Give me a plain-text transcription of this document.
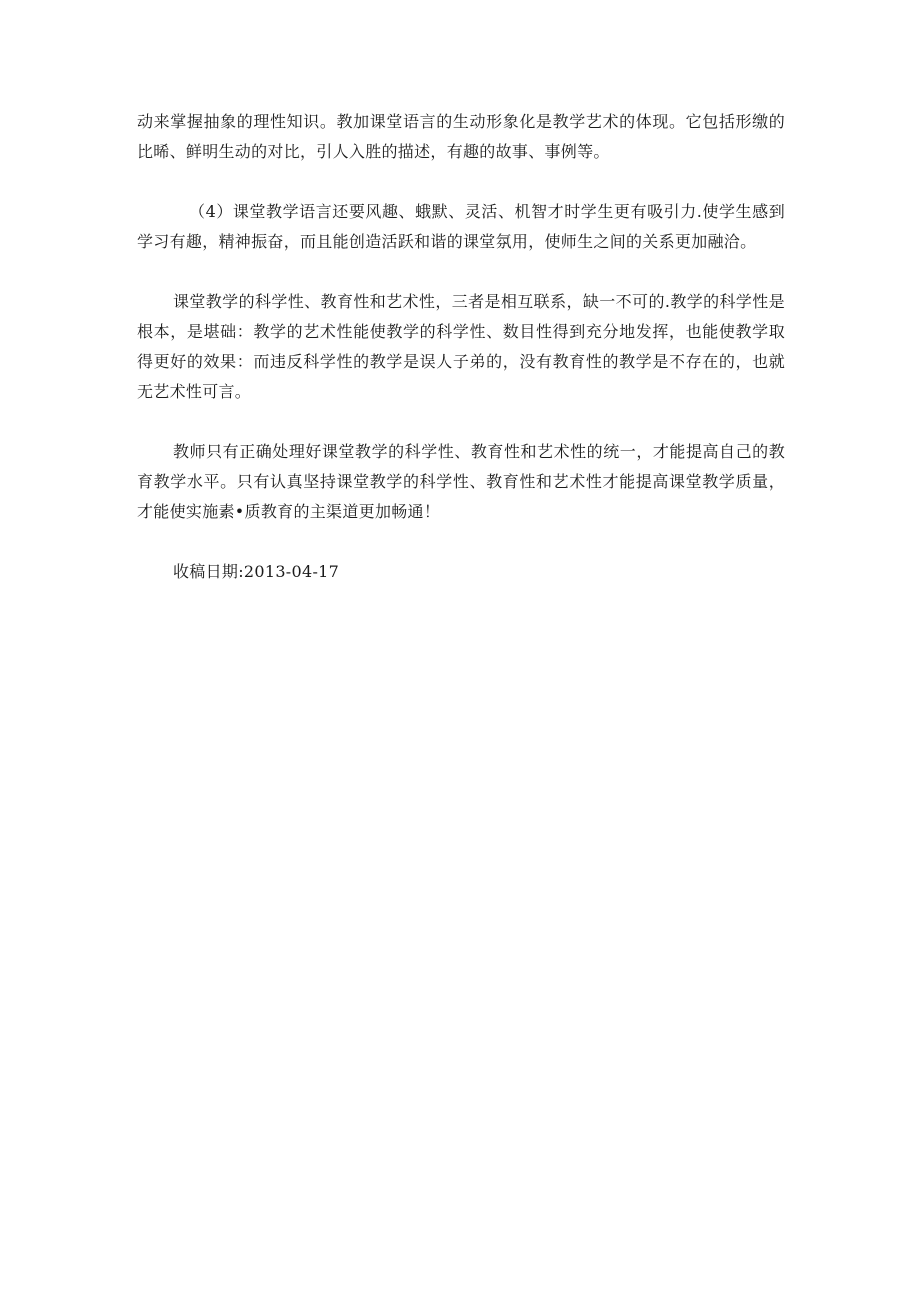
动来掌握抽象的理性知识。教加课堂语言的生动形象化是教学艺术的体现。它包括形缴的比晞、鲜明生动的对比，引人入胜的描述，有趣的故事、事例等。

（4）课堂教学语言还要风趣、蛾默、灵活、机智才时学生更有吸引力.使学生感到学习有趣，精神振奋，而且能创造活跃和谐的课堂氛用，使师生之间的关系更加融洽。

课堂教学的科学性、教育性和艺术性，三者是相互联系，缺一不可的.教学的科学性是根本，是堪础：教学的艺术性能使教学的科学性、数目性得到充分地发挥，也能使教学取得更好的效果：而违反科学性的教学是误人子弟的，没有教育性的教学是不存在的，也就无艺术性可言。

教师只有正确处理好课堂教学的科学性、教育性和艺术性的统一，才能提高自己的教育教学水平。只有认真坚持课堂教学的科学性、教育性和艺术性才能提高课堂教学质量，才能使实施素•质教育的主渠道更加畅通！

收稿日期:2013-04-17
